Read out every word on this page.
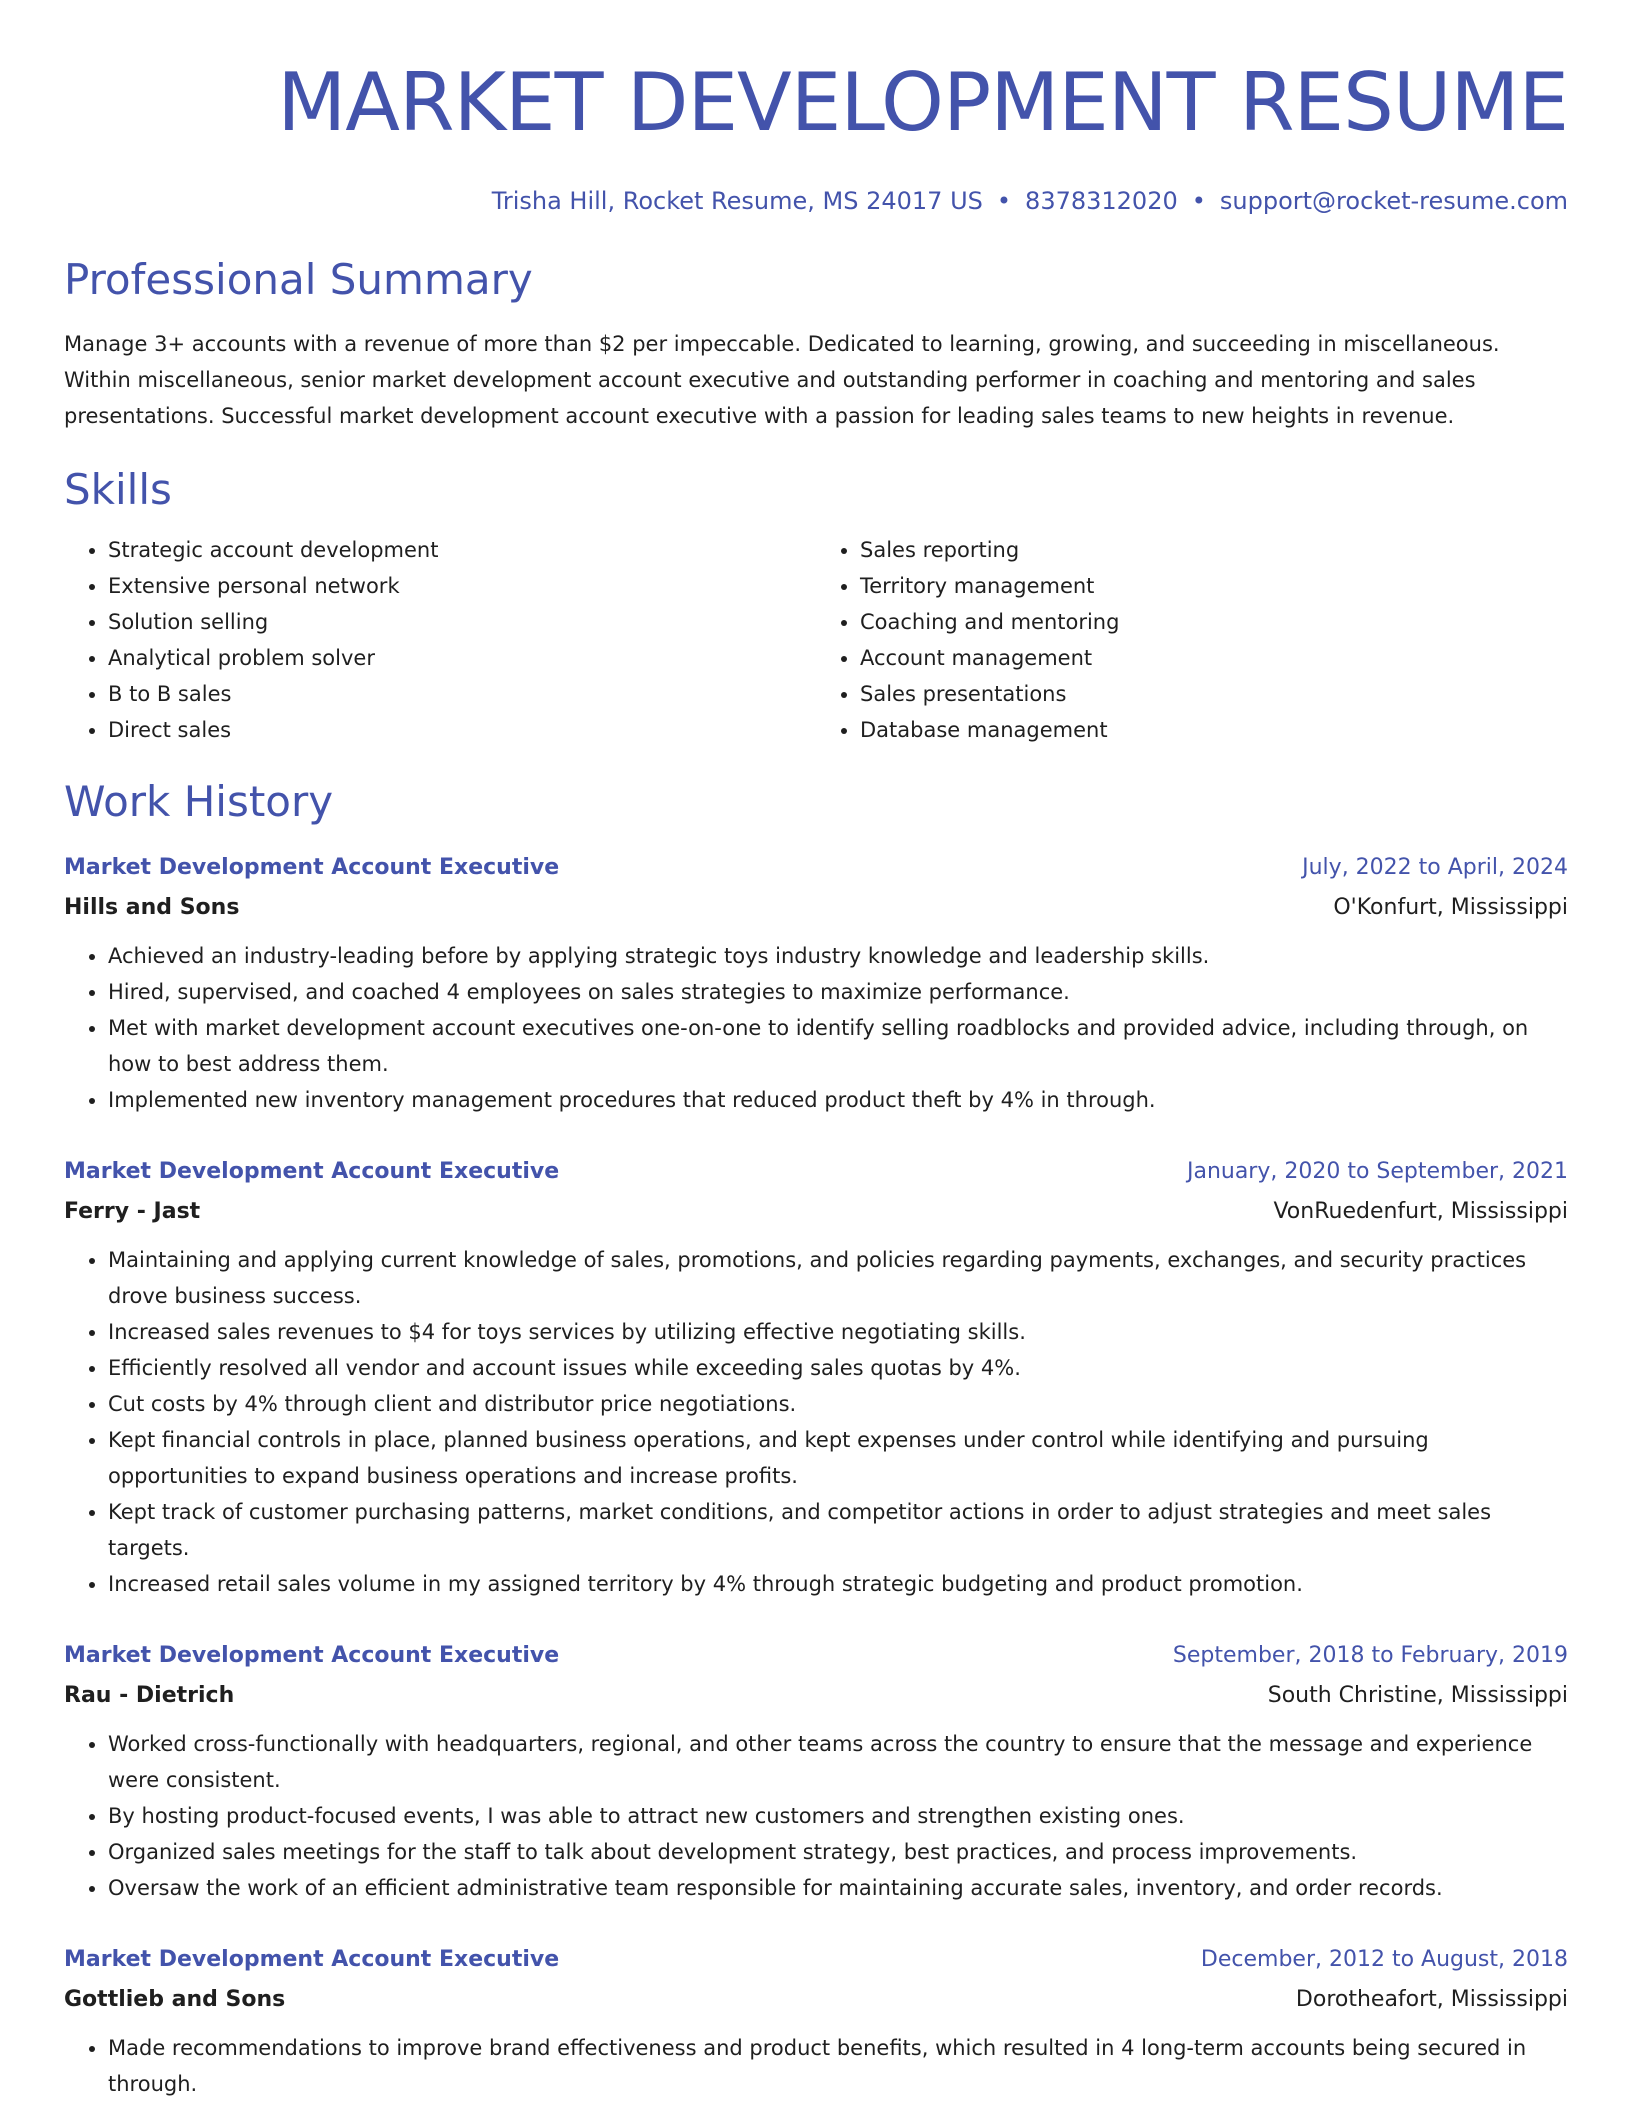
MARKET DEVELOPMENT RESUME
Trisha Hill, Rocket Resume, MS 24017 US • 8378312020 • support@rocket-resume.com
Professional Summary

Manage 3+ accounts with a revenue of more than $2 per impeccable. Dedicated to learning, growing, and succeeding in miscellaneous. Within miscellaneous, senior market development account executive and outstanding performer in coaching and mentoring and sales presentations. Successful market development account executive with a passion for leading sales teams to new heights in revenue.

Skills
• Strategic account development
• Extensive personal network
• Solution selling
• Analytical problem solver
• B to B sales
• Direct sales
• Sales reporting
• Territory management
• Coaching and mentoring
• Account management
• Sales presentations
• Database management
Work History
Market Development Account Executive	July, 2022 to April, 2024
Hills and Sons	O'Konfurt, Mississippi
• Achieved an industry-leading before by applying strategic toys industry knowledge and leadership skills.
• Hired, supervised, and coached 4 employees on sales strategies to maximize performance.
• Met with market development account executives one-on-one to identify selling roadblocks and provided advice, including through, on how to best address them.
• Implemented new inventory management procedures that reduced product theft by 4% in through.
Market Development Account Executive	January, 2020 to September, 2021
Ferry - Jast	VonRuedenfurt, Mississippi
• Maintaining and applying current knowledge of sales, promotions, and policies regarding payments, exchanges, and security practices drove business success.
• Increased sales revenues to $4 for toys services by utilizing effective negotiating skills.
• Efficiently resolved all vendor and account issues while exceeding sales quotas by 4%.
• Cut costs by 4% through client and distributor price negotiations.
• Kept financial controls in place, planned business operations, and kept expenses under control while identifying and pursuing opportunities to expand business operations and increase profits.
• Kept track of customer purchasing patterns, market conditions, and competitor actions in order to adjust strategies and meet sales targets.
• Increased retail sales volume in my assigned territory by 4% through strategic budgeting and product promotion.
Market Development Account Executive	September, 2018 to February, 2019
Rau - Dietrich	South Christine, Mississippi
• Worked cross-functionally with headquarters, regional, and other teams across the country to ensure that the message and experience were consistent.
• By hosting product-focused events, I was able to attract new customers and strengthen existing ones.
• Organized sales meetings for the staff to talk about development strategy, best practices, and process improvements.
• Oversaw the work of an efficient administrative team responsible for maintaining accurate sales, inventory, and order records.
Market Development Account Executive	December, 2012 to August, 2018
Gottlieb and Sons	Dorotheafort, Mississippi
• Made recommendations to improve brand effectiveness and product benefits, which resulted in 4 long-term accounts being secured in through.
